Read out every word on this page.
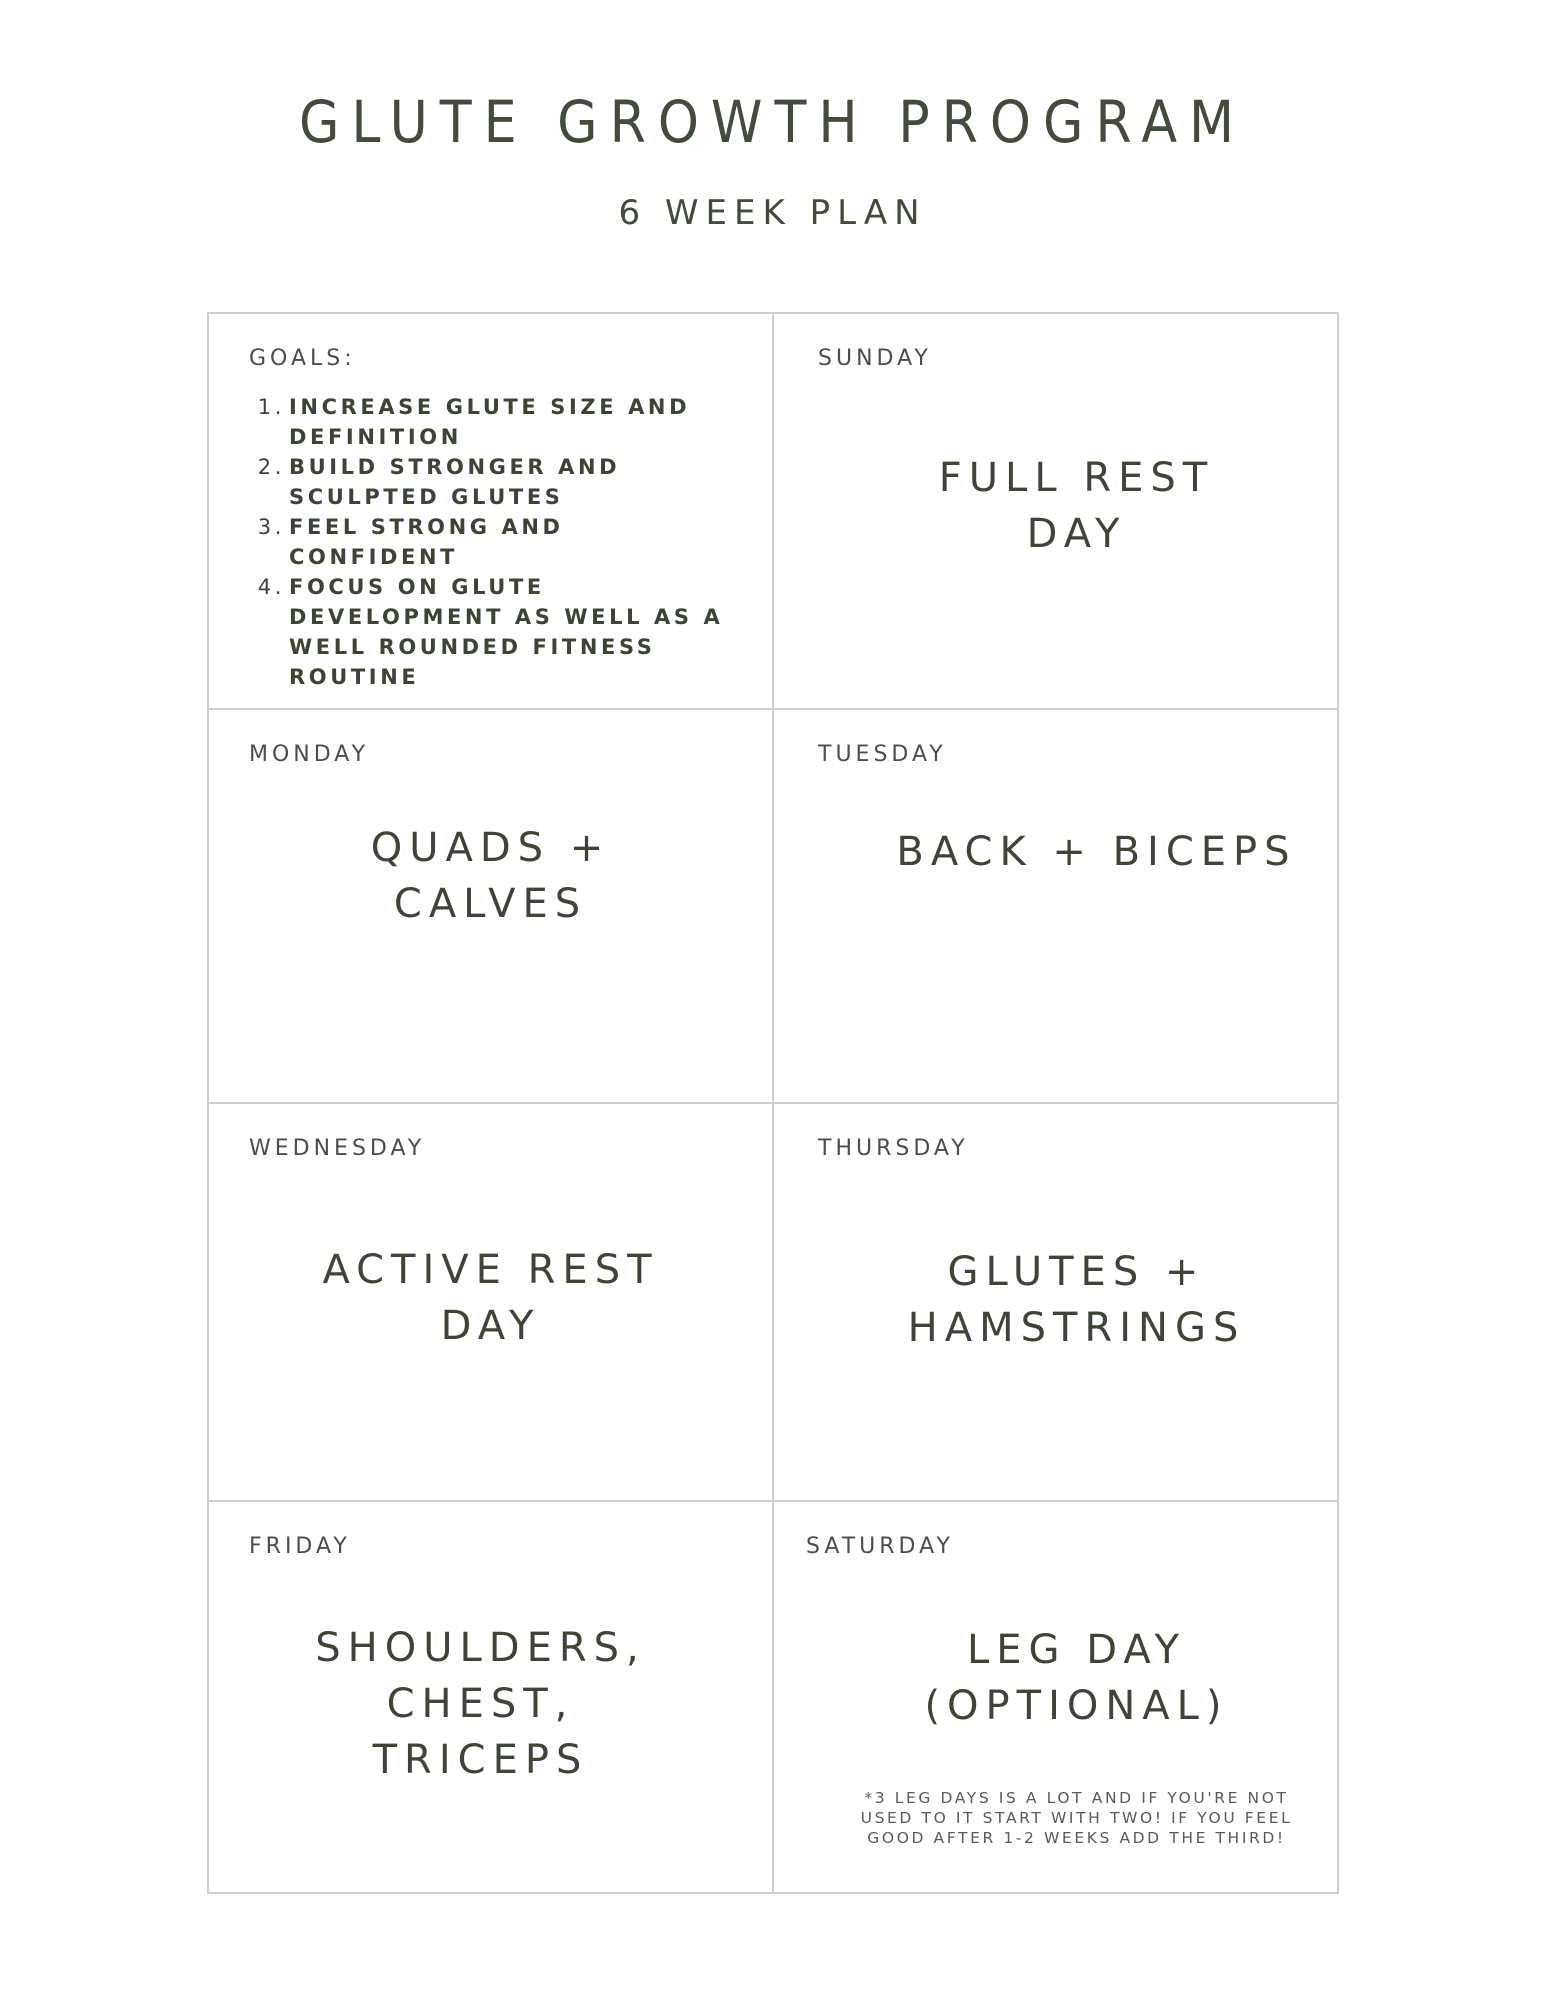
GLUTE GROWTH PROGRAM
6 WEEK PLAN
GOALS:
1. INCREASE GLUTE SIZE AND DEFINITION
2. BUILD STRONGER AND SCULPTED GLUTES
3. FEEL STRONG AND CONFIDENT
4. FOCUS ON GLUTE DEVELOPMENT AS WELL AS A WELL ROUNDED FITNESS ROUTINE
SUNDAY
FULL REST
DAY
MONDAY
QUADS +
CALVES
TUESDAY
BACK + BICEPS
WEDNESDAY
ACTIVE REST
DAY
THURSDAY
GLUTES +
HAMSTRINGS
FRIDAY
SHOULDERS,
CHEST,
TRICEPS
SATURDAY
LEG DAY
(OPTIONAL)
*3 LEG DAYS IS A LOT AND IF YOU'RE NOT USED TO IT START WITH TWO! IF YOU FEEL GOOD AFTER 1-2 WEEKS ADD THE THIRD!
